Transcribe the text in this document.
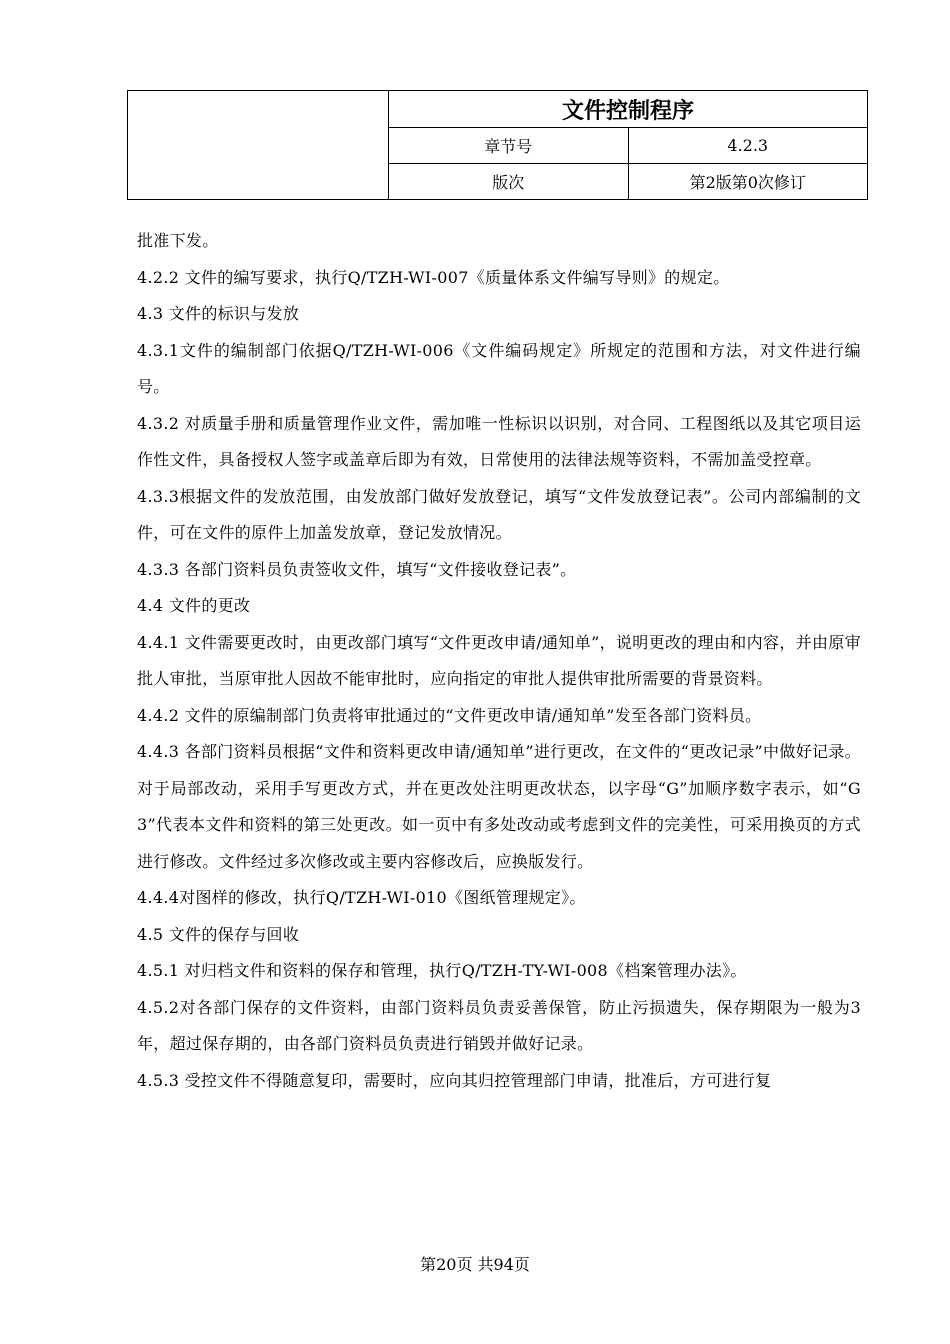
	文件控制程序	
	章节号	4.2.3
	版次	第2版第0次修订

批准下发。

4.2.2 文件的编写要求，执行Q/TZH-WI-007《质量体系文件编写导则》的规定。

4.3 文件的标识与发放

4.3.1文件的编制部门依据Q/TZH-WI-006《文件编码规定》所规定的范围和方法，对文件进行编号。

4.3.2 对质量手册和质量管理作业文件，需加唯一性标识以识别，对合同、工程图纸以及其它项目运作性文件，具备授权人签字或盖章后即为有效，日常使用的法律法规等资料，不需加盖受控章。

4.3.3根据文件的发放范围，由发放部门做好发放登记，填写“文件发放登记表”。公司内部编制的文件，可在文件的原件上加盖发放章，登记发放情况。

4.3.3 各部门资料员负责签收文件，填写“文件接收登记表”。

4.4 文件的更改

4.4.1 文件需要更改时，由更改部门填写“文件更改申请/通知单”，说明更改的理由和内容，并由原审批人审批，当原审批人因故不能审批时，应向指定的审批人提供审批所需要的背景资料。

4.4.2 文件的原编制部门负责将审批通过的“文件更改申请/通知单”发至各部门资料员。

4.4.3 各部门资料员根据“文件和资料更改申请/通知单”进行更改，在文件的“更改记录”中做好记录。对于局部改动，采用手写更改方式，并在更改处注明更改状态，以字母“G”加顺序数字表示，如“G3”代表本文件和资料的第三处更改。如一页中有多处改动或考虑到文件的完美性，可采用换页的方式进行修改。文件经过多次修改或主要内容修改后，应换版发行。

4.4.4对图样的修改，执行Q/TZH-WI-010《图纸管理规定》。

4.5 文件的保存与回收

4.5.1 对归档文件和资料的保存和管理，执行Q/TZH-TY-WI-008《档案管理办法》。

4.5.2对各部门保存的文件资料，由部门资料员负责妥善保管，防止污损遗失，保存期限为一般为3年，超过保存期的，由各部门资料员负责进行销毁并做好记录。

4.5.3 受控文件不得随意复印，需要时，应向其归控管理部门申请，批准后，方可进行复

第20页 共94页
